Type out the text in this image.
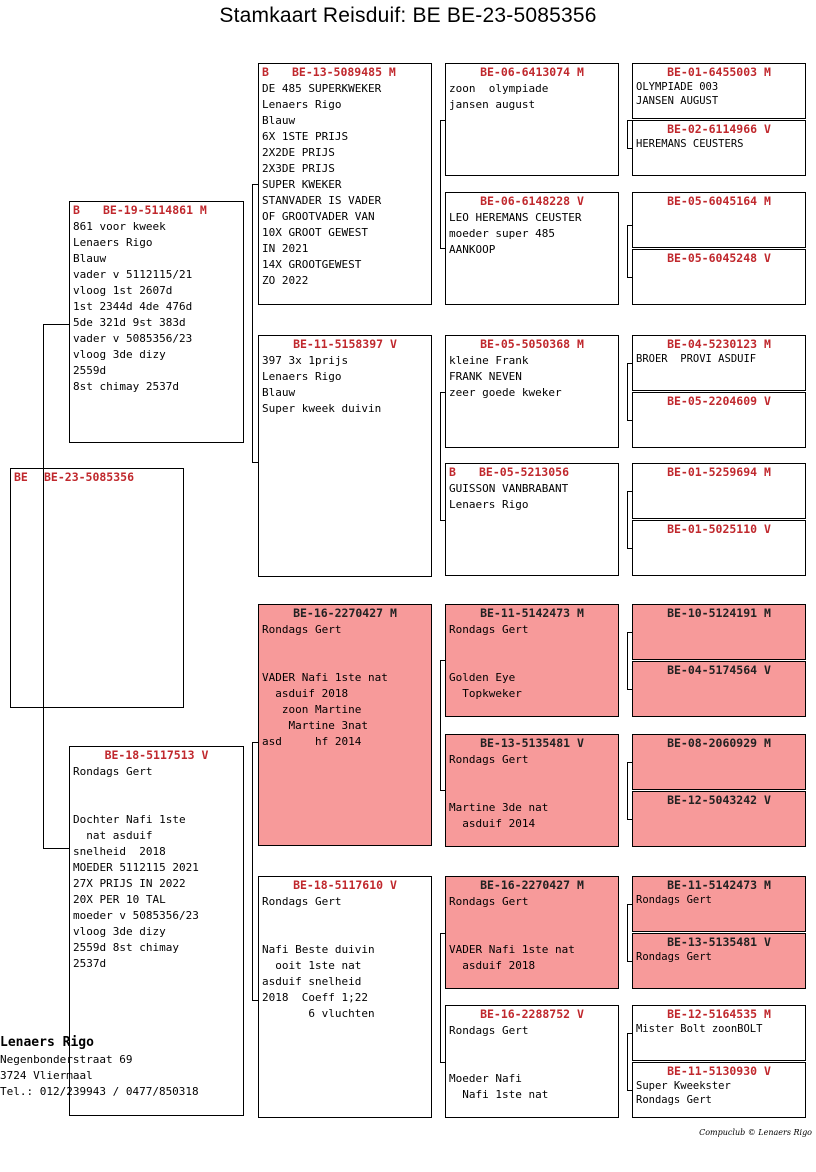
Stamkaart Reisduif: BE BE-23-5085356
BE BE-23-5085356
B BE-19-5114861 M
861 voor kweek
Lenaers Rigo
Blauw
vader v 5112115/21
vloog 1st 2607d
1st 2344d 4de 476d
5de 321d 9st 383d
vader v 5085356/23
vloog 3de dizy
2559d
8st chimay 2537d
BE-18-5117513 V
Rondags Gert

Dochter Nafi 1ste
nat asduif
snelheid  2018
MOEDER 5112115 2021
27X PRIJS IN 2022
20X PER 10 TAL
moeder v 5085356/23
vloog 3de dizy
2559d 8st chimay
2537d
B BE-13-5089485 M
DE 485 SUPERKWEKER
Lenaers Rigo
Blauw
6X 1STE PRIJS
2X2DE PRIJS
2X3DE PRIJS
SUPER KWEKER
STANVADER IS VADER
OF GROOTVADER VAN
10X GROOT GEWEST
IN 2021
14X GROOTGEWEST
ZO 2022
BE-11-5158397 V
397 3x 1prijs
Lenaers Rigo
Blauw
Super kweek duivin
BE-16-2270427 M
Rondags Gert

VADER Nafi 1ste nat
asduif 2018
zoon Martine
Martine 3nat
asd     hf 2014
BE-18-5117610 V
Rondags Gert

Nafi Beste duivin
ooit 1ste nat
asduif snelheid
2018  Coeff 1;22
6 vluchten
BE-06-6413074 M
zoon  olympiade
jansen august
BE-06-6148228 V
LEO HEREMANS CEUSTER
moeder super 485
AANKOOP
BE-05-5050368 M
kleine Frank
FRANK NEVEN
zeer goede kweker
B BE-05-5213056
GUISSON VANBRABANT
Lenaers Rigo
BE-11-5142473 M
Rondags Gert

Golden Eye
Topkweker
BE-13-5135481 V
Rondags Gert

Martine 3de nat
asduif 2014
BE-16-2270427 M
Rondags Gert

VADER Nafi 1ste nat
asduif 2018
BE-16-2288752 V
Rondags Gert

Moeder Nafi
Nafi 1ste nat
BE-01-6455003 M
OLYMPIADE 003
JANSEN AUGUST
BE-02-6114966 V
HEREMANS CEUSTERS
BE-05-6045164 M
BE-05-6045248 V
BE-04-5230123 M
BROER  PROVI ASDUIF
BE-05-2204609 V
BE-01-5259694 M
BE-01-5025110 V
BE-10-5124191 M
BE-04-5174564 V
BE-08-2060929 M
BE-12-5043242 V
BE-11-5142473 M
Rondags Gert
BE-13-5135481 V
Rondags Gert
BE-12-5164535 M
Mister Bolt zoonBOLT
BE-11-5130930 V
Super Kweekster
Rondags Gert
Lenaers Rigo
Negenbonderstraat 69
3724 Vliermaal
Tel.: 012/239943 / 0477/850318
Compuclub © Lenaers Rigo
